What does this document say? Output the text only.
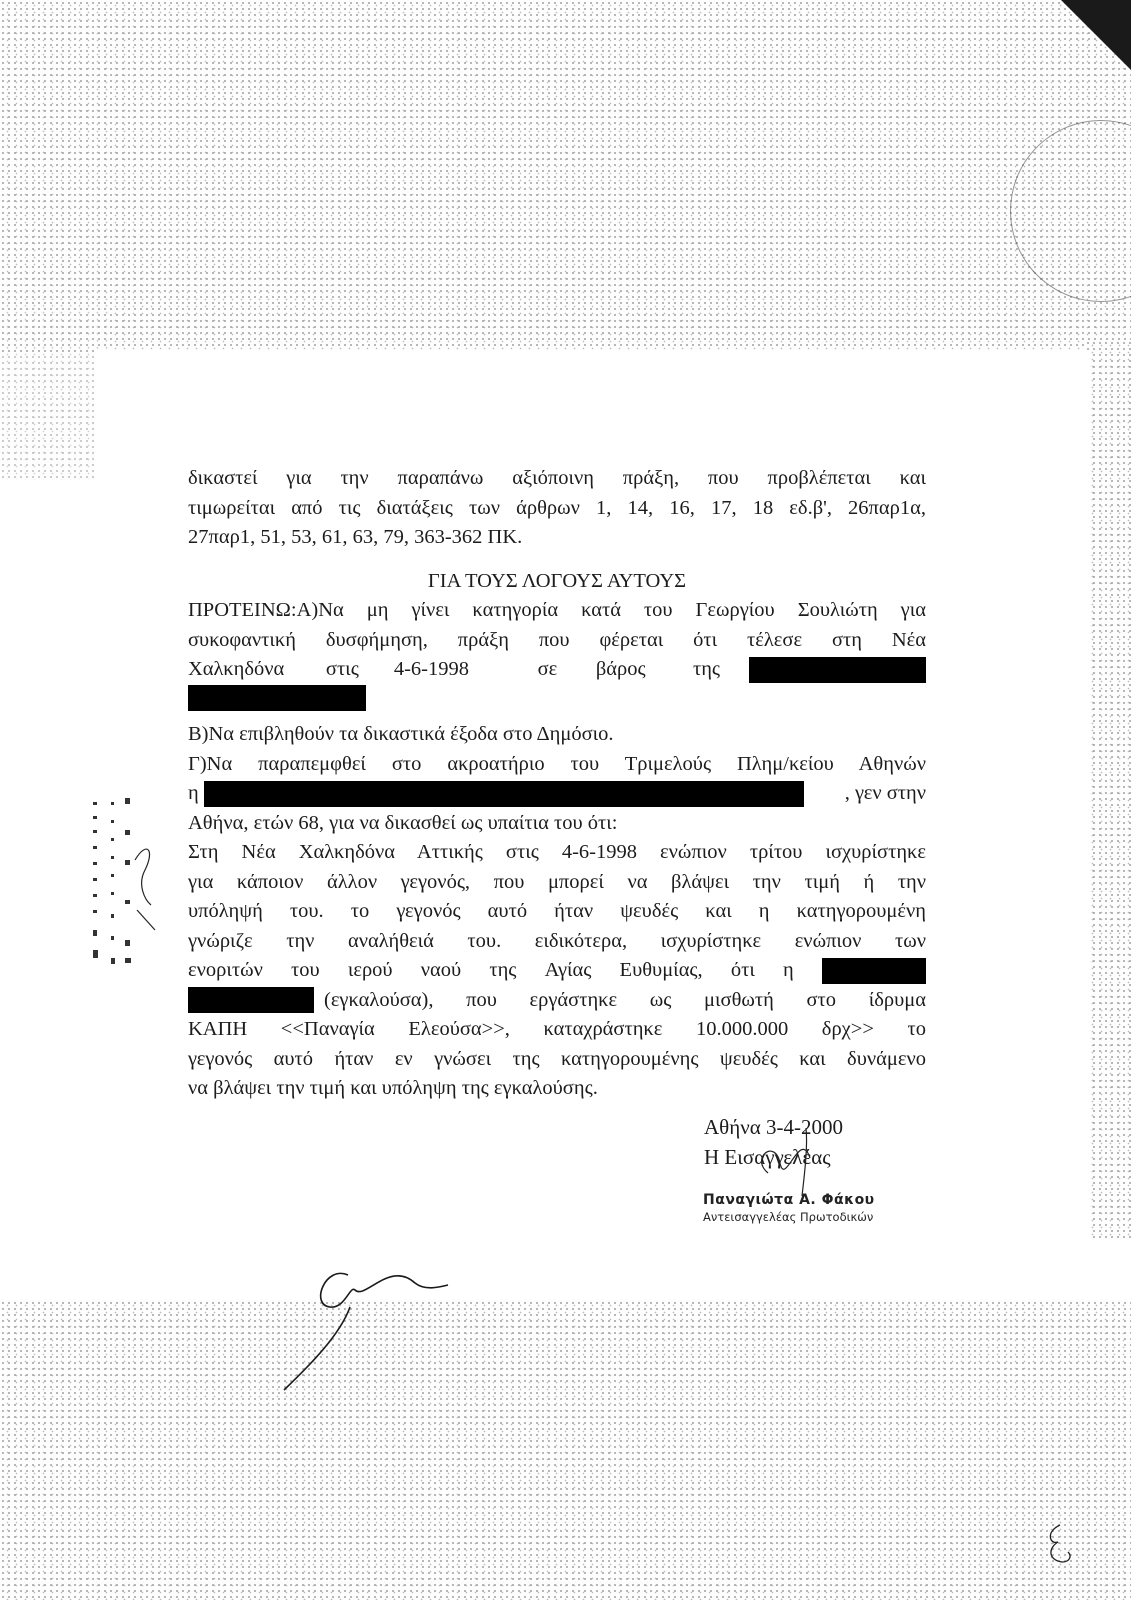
δικαστεί για την παραπάνω αξιόποινη πράξη, που προβλέπεται και
τιμωρείται από τις διατάξεις των άρθρων 1, 14, 16, 17, 18 εδ.β', 26παρ1α,
27παρ1, 51, 53, 61, 63, 79, 363-362 ΠΚ.
ΓΙΑ ΤΟΥΣ ΛΟΓΟΥΣ ΑΥΤΟΥΣ
ΠΡΟΤΕΙΝΩ:Α)Να μη γίνει κατηγορία κατά του Γεωργίου Σουλιώτη για
συκοφαντική δυσφήμηση, πράξη που φέρεται ότι τέλεσε στη Νέα
Χαλκηδόνα	στις	4-6-1998	σε	βάρος	της
Β)Να επιβληθούν τα δικαστικά έξοδα στο Δημόσιο.
Γ)Να παραπεμφθεί στο ακροατήριο του Τριμελούς Πλημ/κείου Αθηνών
η	, γεν στην
Αθήνα, ετών 68, για να δικασθεί ως υπαίτια του ότι:
Στη Νέα Χαλκηδόνα Αττικής στις 4-6-1998 ενώπιον τρίτου ισχυρίστηκε
για κάποιον άλλον γεγονός, που μπορεί να βλάψει την τιμή ή την
υπόληψή του. το γεγονός αυτό ήταν ψευδές και η κατηγορουμένη
γνώριζε την αναλήθειά του. ειδικότερα, ισχυρίστηκε ενώπιον των
ενοριτών του ιερού ναού της Αγίας Ευθυμίας, ότι η
(εγκαλούσα), που εργάστηκε ως μισθωτή στο ίδρυμα
ΚΑΠΗ <<Παναγία Ελεούσα>>, καταχράστηκε 10.000.000 δρχ>> το
γεγονός αυτό ήταν εν γνώσει της κατηγορουμένης ψευδές και δυνάμενο
να βλάψει την τιμή και υπόληψη της εγκαλούσης.
Αθήνα 3-4-2000
Η Εισαγγελέας
Παναγιώτα Α. Φάκου
Αντεισαγγελέας Πρωτοδικών
